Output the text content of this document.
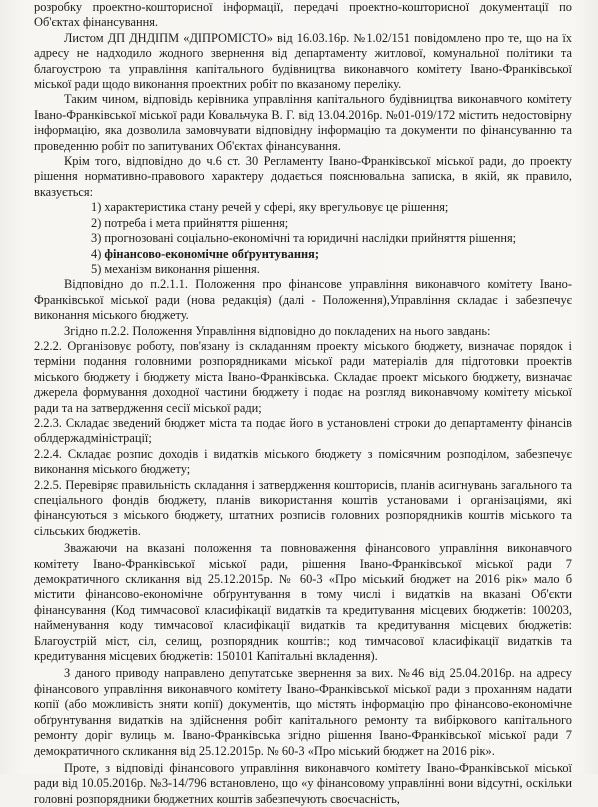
розробку проектно-кошторисної інформації, передачі проектно-кошторисної документації по Об'єктах фінансування.

Листом ДП ДНДІПМ «ДІПРОМІСТО» від 16.03.16р. №1.02/151 повідомлено про те, що на їх адресу не надходило жодного звернення від департаменту житлової, комунальної політики та благоустрою та управління капітального будівництва виконавчого комітету Івано-Франківської міської ради щодо виконання проектних робіт по вказаному переліку.

Таким чином, відповідь керівника управління капітального будівництва виконавчого комітету Івано-Франківської міської ради Ковальчука В. Г. від 13.04.2016р. №01-019/172 містить недостовірну інформацію, яка дозволила замовчувати відповідну інформацію та документи по фінансуванню та проведенню робіт по запитуваних Об'єктах фінансування.

Крім того, відповідно до ч.6 ст. 30 Регламенту Івано-Франківської міської ради, до проекту рішення нормативно-правового характеру додається пояснювальна записка, в якій, як правило, вказується:

1) характеристика стану речей у сфері, яку врегульовує це рішення;

2) потреба і мета прийняття рішення;

3) прогнозовані соціально-економічні та юридичні наслідки прийняття рішення;

4) фінансово-економічне обґрунтування;

5) механізм виконання рішення.

Відповідно до п.2.1.1. Положення про фінансове управління виконавчого комітету Івано-Франківської міської ради (нова редакція) (далі - Положення),Управління складає і забезпечує виконання міського бюджету.

Згідно п.2.2. Положення Управління відповідно до покладених на нього завдань:

2.2.2. Організовує роботу, пов'язану із складанням проекту міського бюджету, визначає порядок і терміни подання головними розпорядниками міської ради матеріалів для підготовки проектів міського бюджету і бюджету міста Івано-Франківська. Складає проект міського бюджету, визначає джерела формування доходної частини бюджету і подає на розгляд виконавчому комітету міської ради та на затвердження сесії міської ради;

2.2.3. Складає зведений бюджет міста та подає його в установлені строки до департаменту фінансів облдержадміністрації;

2.2.4. Складає розпис доходів і видатків міського бюджету з помісячним розподілом, забезпечує виконання міського бюджету;

2.2.5. Перевіряє правильність складання і затвердження кошторисів, планів асигнувань загального та спеціального фондів бюджету, планів використання коштів установами і організаціями, які фінансуються з міського бюджету, штатних розписів головних розпорядників коштів міського та сільських бюджетів.

Зважаючи на вказані положення та повноваження фінансового управління виконавчого комітету Івано-Франківської міської ради, рішення Івано-Франківської міської ради 7 демократичного скликання від 25.12.2015р. № 60-3 «Про міський бюджет на 2016 рік» мало б містити фінансово-економічне обґрунтування в тому числі і видатків на вказані Об'єкти фінансування (Код тимчасової класифікації видатків та кредитування місцевих бюджетів: 100203, найменування коду тимчасової класифікації видатків та кредитування місцевих бюджетів: Благоустрій міст, сіл, селищ, розпорядник коштів:; код тимчасової класифікації видатків та кредитування місцевих бюджетів: 150101 Капітальні вкладення).

З даного приводу направлено депутатське звернення за вих. №46 від 25.04.2016р. на адресу фінансового управління виконавчого комітету Івано-Франківської міської ради з проханням надати копії (або можливість зняти копії) документів, що містять інформацію про фінансово-економічне обґрунтування видатків на здійснення робіт капітального ремонту та вибіркового капітального ремонту доріг вулиць м. Івано-Франківська згідно рішення Івано-Франківської міської ради 7 демократичного скликання від 25.12.2015р. № 60-3 «Про міський бюджет на 2016 рік».

Проте, з відповіді фінансового управління виконавчого комітету Івано-Франківської міської ради від 10.05.2016р. №3-14/796 встановлено, що «у фінансовому управлінні вони відсутні, оскільки головні розпорядники бюджетних коштів забезпечують своєчасність,
